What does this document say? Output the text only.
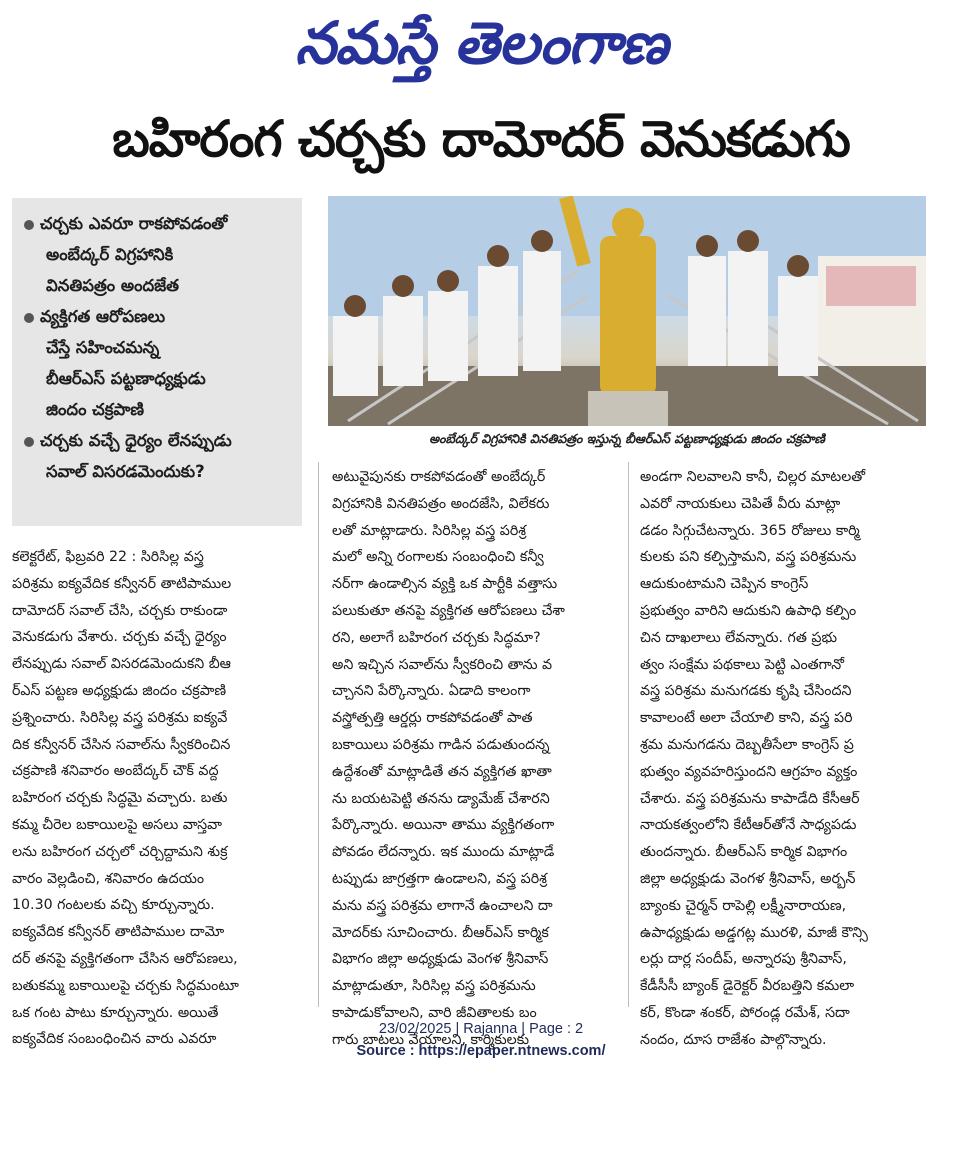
నమస్తే తెలంగాణ
బహిరంగ చర్చకు దామోదర్ వెనుకడుగు
చర్చకు ఎవరూ రాకపోవడంతో
అంబేద్కర్ విగ్రహానికి
వినతిపత్రం అందజేత
వ్యక్తిగత ఆరోపణలు
చేస్తే సహించమన్న
బీఆర్ఎస్ పట్టణాధ్యక్షుడు
జిందం చక్రపాణి
చర్చకు వచ్చే ధైర్యం లేనప్పుడు
సవాల్ విసరడమెందుకు?
అంబేద్కర్ విగ్రహానికి వినతిపత్రం ఇస్తున్న బీఆర్ఎస్ పట్టణాధ్యక్షుడు జిందం చక్రపాణి
కలెక్టరేట్, ఫిబ్రవరి 22 : సిరిసిల్ల వస్త్ర
పరిశ్రమ ఐక్యవేదిక కన్వీనర్ తాటిపాముల
దామోదర్ సవాల్ చేసి, చర్చకు రాకుండా
వెనుకడుగు వేశారు. చర్చకు వచ్చే ధైర్యం
లేనప్పుడు సవాల్ విసరడమెందుకని బీఆ
ర్ఎస్ పట్టణ అధ్యక్షుడు జిందం చక్రపాణి
ప్రశ్నించారు. సిరిసిల్ల వస్త్ర పరిశ్రమ ఐక్యవే
దిక కన్వీనర్ చేసిన సవాల్‌ను స్వీకరించిన
చక్రపాణి శనివారం అంబేద్కర్ చౌక్ వద్ద
బహిరంగ చర్చకు సిద్ధమై వచ్చారు. బతు
కమ్మ చీరెల బకాయిలపై అసలు వాస్తవా
లను బహిరంగ చర్చలో చర్చిద్దామని శుక్ర
వారం వెల్లడించి, శనివారం ఉదయం
10.30 గంటలకు వచ్చి కూర్చున్నారు.
ఐక్యవేదిక కన్వీనర్ తాటిపాముల దామో
దర్ తనపై వ్యక్తిగతంగా చేసిన ఆరోపణలు,
బతుకమ్మ బకాయిలపై చర్చకు సిద్ధమంటూ
ఒక గంట పాటు కూర్చున్నారు. అయితే
ఐక్యవేదిక సంబంధించిన వారు ఎవరూ
అటువైపునకు రాకపోవడంతో అంబేద్కర్
విగ్రహానికి వినతిపత్రం అందజేసి, విలేకరు
లతో మాట్లాడారు. సిరిసిల్ల వస్త్ర పరిశ్ర
మలో అన్ని రంగాలకు సంబంధించి కన్వీ
నర్‌గా ఉండాల్సిన వ్యక్తి ఒక పార్టీకి వత్తాసు
పలుకుతూ తనపై వ్యక్తిగత ఆరోపణలు చేశా
రని, అలాగే బహిరంగ చర్చకు సిద్ధమా?
అని ఇచ్చిన సవాల్‌ను స్వీకరించి తాను వ
చ్చానని పేర్కొన్నారు. ఏడాది కాలంగా
వస్త్రోత్పత్తి ఆర్డర్లు రాకపోవడంతో పాత
బకాయిలు పరిశ్రమ గాడిన పడుతుందన్న
ఉద్దేశంతో మాట్లాడితే తన వ్యక్తిగత ఖాతా
ను బయటపెట్టి తనను డ్యామేజ్ చేశారని
పేర్కొన్నారు. అయినా తాము వ్యక్తిగతంగా
పోవడం లేదన్నారు. ఇక ముందు మాట్లాడే
టప్పుడు జాగ్రత్తగా ఉండాలని, వస్త్ర పరిశ్ర
మను వస్త్ర పరిశ్రమ లాగానే ఉంచాలని దా
మోదర్‌కు సూచించారు. బీఆర్ఎస్ కార్మిక
విభాగం జిల్లా అధ్యక్షుడు వెంగళ శ్రీనివాస్
మాట్లాడుతూ, సిరిసిల్ల వస్త్ర పరిశ్రమను
కాపాడుకోవాలని, వారి జీవితాలకు బం
గారు బాటలు వేయాలని, కార్మికులకు
అండగా నిలవాలని కానీ, చిల్లర మాటలతో
ఎవరో నాయకులు చెపితే వీరు మాట్లా
డడం సిగ్గుచేటన్నారు. 365 రోజులు కార్మి
కులకు పని కల్పిస్తామని, వస్త్ర పరిశ్రమను
ఆదుకుంటామని చెప్పిన కాంగ్రెస్
ప్రభుత్వం వారిని ఆదుకుని ఉపాధి కల్పిం
చిన దాఖలాలు లేవన్నారు. గత ప్రభు
త్వం సంక్షేమ పథకాలు పెట్టి ఎంతగానో
వస్త్ర పరిశ్రమ మనుగడకు కృషి చేసిందని
కావాలంటే అలా చేయాలి కాని, వస్త్ర పరి
శ్రమ మనుగడను దెబ్బతీసేలా కాంగ్రెస్ ప్ర
భుత్వం వ్యవహరిస్తుందని ఆగ్రహం వ్యక్తం
చేశారు. వస్త్ర పరిశ్రమను కాపాడేది కేసీఆర్
నాయకత్వంలోని కేటీఆర్‌తోనే సాధ్యపడు
తుందన్నారు. బీఆర్ఎస్ కార్మిక విభాగం
జిల్లా అధ్యక్షుడు వెంగళ శ్రీనివాస్, అర్బన్
బ్యాంకు చైర్మన్ రాపెల్లి లక్ష్మీనారాయణ,
ఉపాధ్యక్షుడు అడ్డగట్ల మురళి, మాజీ కౌన్సి
లర్లు దార్ల సందీప్, అన్నారపు శ్రీనివాస్,
కేడీసీసీ బ్యాంక్ డైరెక్టర్ వీరబత్తిని కమలా
కర్, కొండా శంకర్, పోరండ్ల రమేశ్, సదా
నందం, దూస రాజేశం పాల్గొన్నారు.
23/02/2025 | Rajanna | Page : 2
Source : https://epaper.ntnews.com/
